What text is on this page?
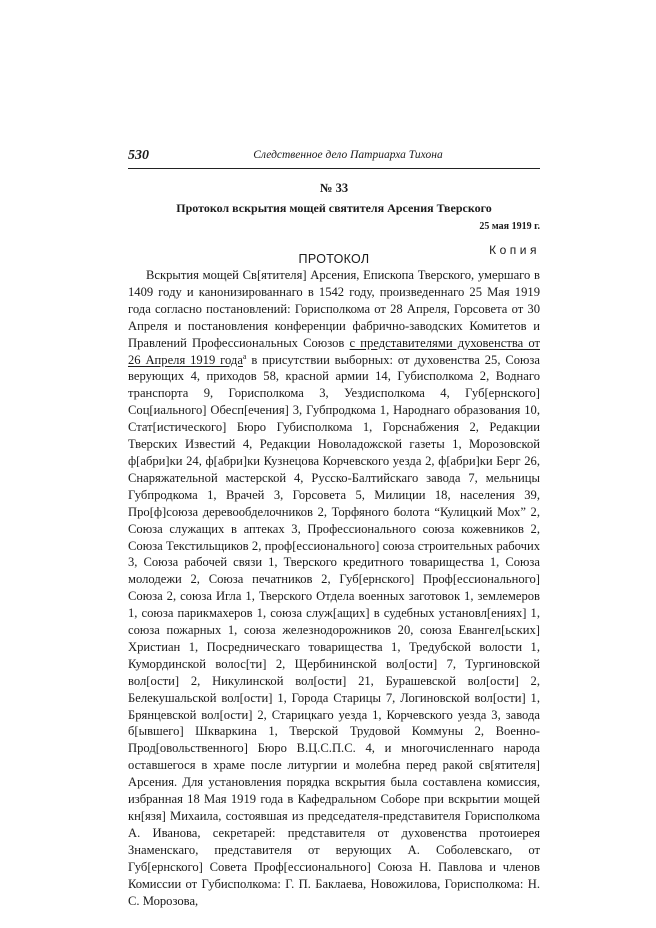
530	Следственное дело Патриарха Тихона
№ 33
Протокол вскрытия мощей святителя Арсения Тверского
25 мая 1919 г.
Копия
ПРОТОКОЛ

Вскрытия мощей Св[ятителя] Арсения, Епископа Тверского, умершаго в 1409 году и канонизированнаго в 1542 году, произведеннаго 25 Мая 1919 года согласно постановлений: Горисполкома от 28 Апреля, Горсовета от 30 Апреля и постановления конференции фабрично-заводских Комитетов и Правлений Профессиональных Союзов с представителями духовенства от 26 Апреля 1919 года$^а$ в присутствии выборных: от духовенства 25, Союза верующих 4, приходов 58, красной армии 14, Губисполкома 2, Воднаго транспорта 9, Горисполкома 3, Уездисполкома 4, Губ[ернского] Соц[иального] Обесп[ечения] 3, Губпродкома 1, Народнаго образования 10, Стат[истического] Бюро Губисполкома 1, Горснабжения 2, Редакции Тверских Известий 4, Редакции Новоладожской газеты 1, Морозовской ф[абри]ки 24, ф[абри]ки Кузнецова Корчевского уезда 2, ф[абри]ки Берг 26, Снаряжательной мастерской 4, Русско-Балтийскаго завода 7, мельницы Губпродкома 1, Врачей 3, Горсовета 5, Милиции 18, населения 39, Про[ф]союза деревообделочников 2, Торфяного болота “Кулицкий Мох” 2, Союза служащих в аптеках 3, Профессионального союза кожевников 2, Союза Текстильщиков 2, проф[ессионального] союза строительных рабочих 3, Союза рабочей связи 1, Тверского кредитного товарищества 1, Союза молодежи 2, Союза печатников 2, Губ[ернского] Проф[ессионального] Союза 2, союза Игла 1, Тверского Отдела военных заготовок 1, землемеров 1, союза парикмахеров 1, союза служ[ащих] в судебных установл[ениях] 1, союза пожарных 1, союза железнодорожников 20, союза Евангел[ьских] Христиан 1, Посредническаго товарищества 1, Тредубской волости 1, Кумординской волос[ти] 2, Щербининской вол[ости] 7, Тургиновской вол[ости] 2, Никулинской вол[ости] 21, Бурашевской вол[ости] 2, Белекушальской вол[ости] 1, Города Старицы 7, Логиновской вол[ости] 1, Брянцевской вол[ости] 2, Старицкаго уезда 1, Корчевского уезда 3, завода б[ывшего] Шкваркина 1, Тверской Трудовой Коммуны 2, Военно-Прод[овольственного] Бюро В.Ц.С.П.С. 4, и многочисленнаго народа оставшегося в храме после литургии и молебна перед ракой св[ятителя] Арсения. Для установления порядка вскрытия была составлена комиссия, избранная 18 Мая 1919 года в Кафедральном Соборе при вскрытии мощей кн[язя] Михаила, состоявшая из председателя-представителя Горисполкома А. Иванова, секретарей: представителя от духовенства протоиерея Знаменскаго, представителя от верующих А. Соболевскаго, от Губ[ернского] Совета Проф[ессионального] Союза Н. Павлова и членов Комиссии от Губисполкома: Г. П. Баклаева, Новожилова, Горисполкома: Н. С. Морозова,
